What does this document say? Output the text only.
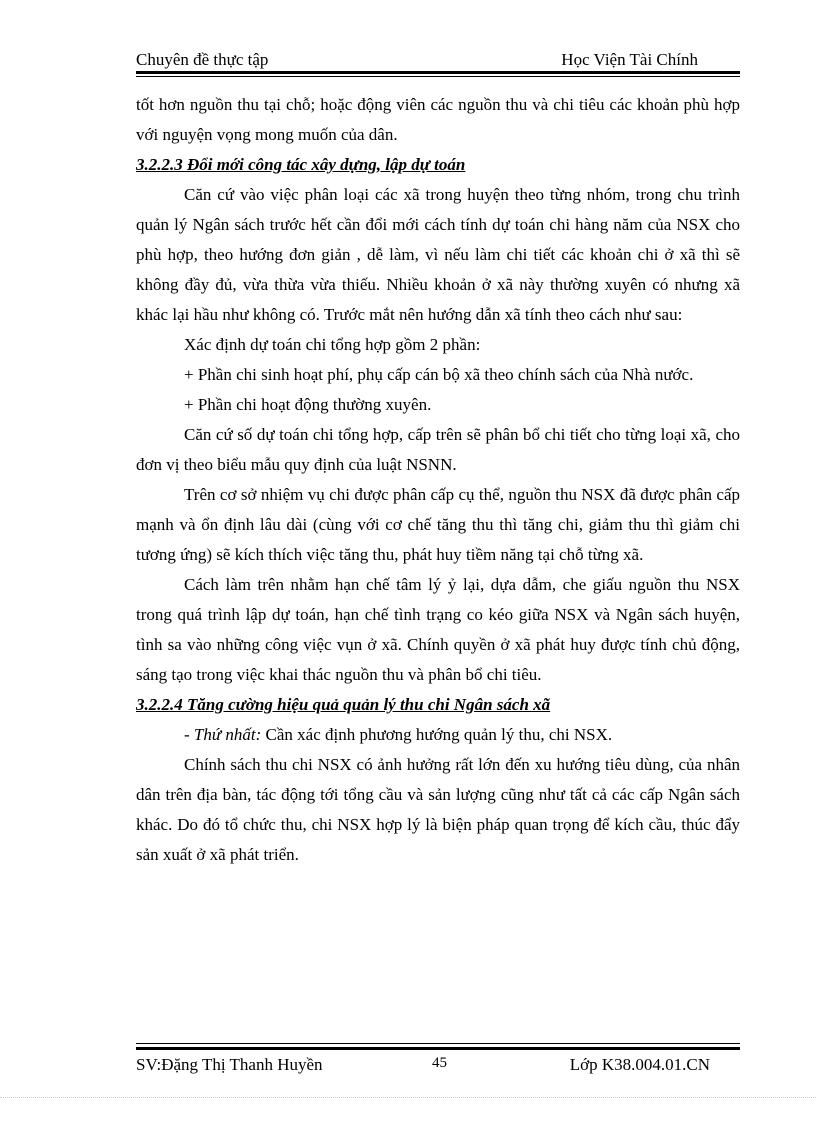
Chuyên đề thực tập	Học Viện Tài Chính

tốt hơn nguồn thu tại chỗ; hoặc động viên các nguồn thu và chi tiêu các khoản phù hợp với nguyện vọng mong muốn của dân.

3.2.2.3 Đổi mới công tác xây dựng, lập dự toán

Căn cứ vào việc phân loại các xã trong huyện theo từng nhóm, trong chu trình quản lý Ngân sách trước hết cần đổi mới cách tính dự toán chi hàng năm của NSX cho phù hợp, theo hướng đơn giản , dễ làm, vì nếu làm chi tiết các khoản chi ở xã thì sẽ không đầy đủ, vừa thừa vừa thiếu. Nhiều khoản ở xã này thường xuyên có nhưng xã khác lại hầu như không có. Trước mắt nên hướng dẫn xã tính theo cách như sau:

Xác định dự toán chi tổng hợp gồm 2 phần:

+ Phần chi sinh hoạt phí, phụ cấp cán bộ xã theo chính sách của Nhà nước.

+ Phần chi hoạt động thường xuyên.

Căn cứ số dự toán chi tổng hợp, cấp trên sẽ phân bổ chi tiết cho từng loại xã, cho đơn vị theo biểu mẫu quy định của luật NSNN.

Trên cơ sở nhiệm vụ chi được phân cấp cụ thể, nguồn thu NSX đã được phân cấp mạnh và ổn định lâu dài (cùng với cơ chế tăng thu thì tăng chi, giảm thu thì giảm chi tương ứng) sẽ kích thích việc tăng thu, phát huy tiềm năng tại chỗ từng xã.

Cách làm trên nhằm hạn chế tâm lý ỷ lại, dựa dẫm, che giấu nguồn thu NSX trong quá trình lập dự toán, hạn chế tình trạng co kéo giữa NSX và Ngân sách huyện, tình sa vào những công việc vụn ở xã. Chính quyền ở xã phát huy được tính chủ động, sáng tạo trong việc khai thác nguồn thu và phân bổ chi tiêu.

3.2.2.4 Tăng cường hiệu quả quản lý thu chi Ngân sách xã

- Thứ nhất: Cần xác định phương hướng quản lý thu, chi NSX.

Chính sách thu chi NSX có ảnh hưởng rất lớn đến xu hướng tiêu dùng, của nhân dân trên địa bàn, tác động tới tổng cầu và sản lượng cũng như tất cả các cấp Ngân sách khác. Do đó tổ chức thu, chi NSX hợp lý là biện pháp quan trọng để kích cầu, thúc đẩy sản xuất ở xã phát triển.

SV:Đặng Thị Thanh Huyền	45	Lớp K38.004.01.CN
